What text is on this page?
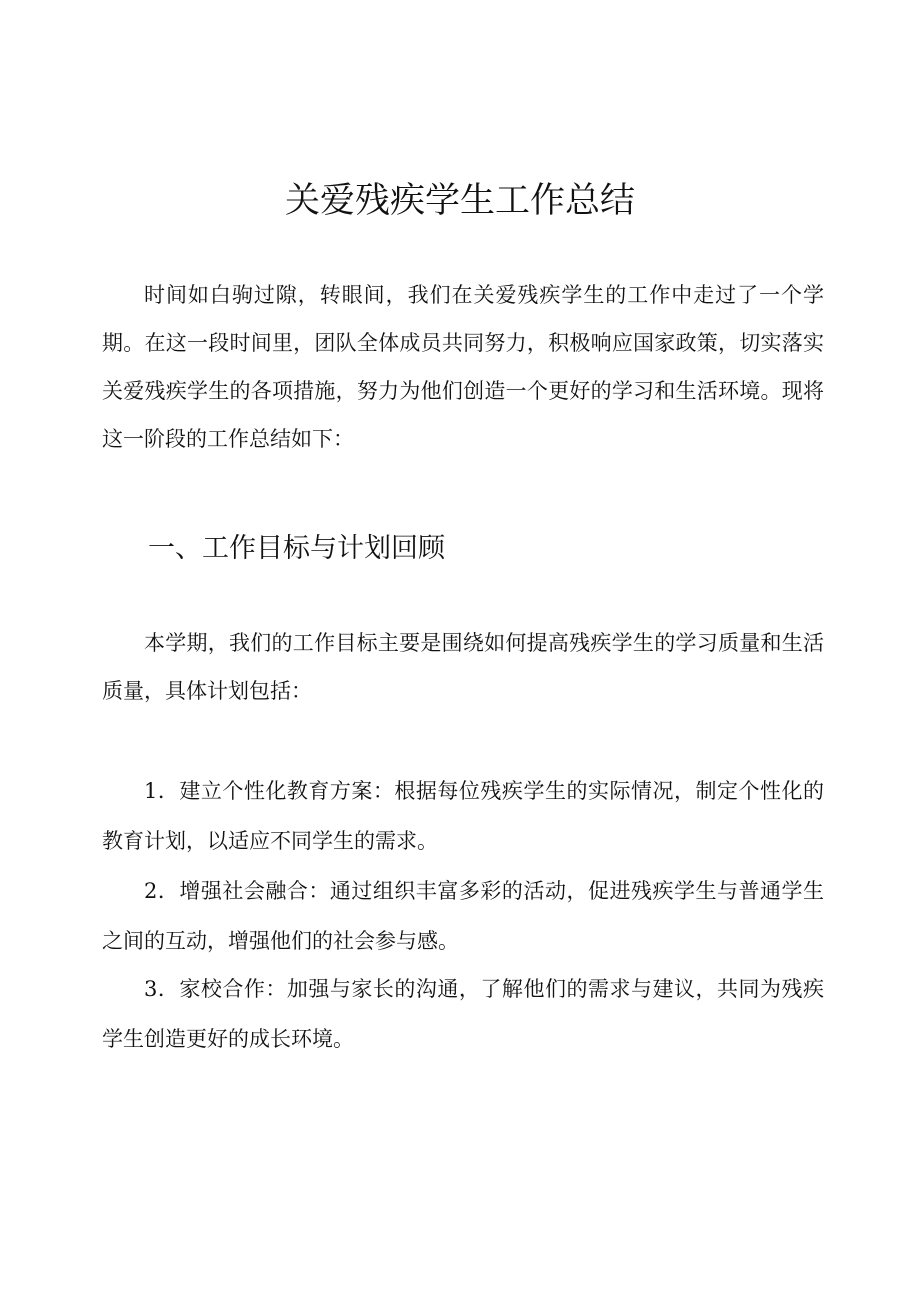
关爱残疾学生工作总结

时间如白驹过隙，转眼间，我们在关爱残疾学生的工作中走过了一个学期。在这一段时间里，团队全体成员共同努力，积极响应国家政策，切实落实关爱残疾学生的各项措施，努力为他们创造一个更好的学习和生活环境。现将这一阶段的工作总结如下：

一、工作目标与计划回顾

本学期，我们的工作目标主要是围绕如何提高残疾学生的学习质量和生活质量，具体计划包括：

1．建立个性化教育方案：根据每位残疾学生的实际情况，制定个性化的教育计划，以适应不同学生的需求。

2．增强社会融合：通过组织丰富多彩的活动，促进残疾学生与普通学生之间的互动，增强他们的社会参与感。

3．家校合作：加强与家长的沟通，了解他们的需求与建议，共同为残疾学生创造更好的成长环境。
